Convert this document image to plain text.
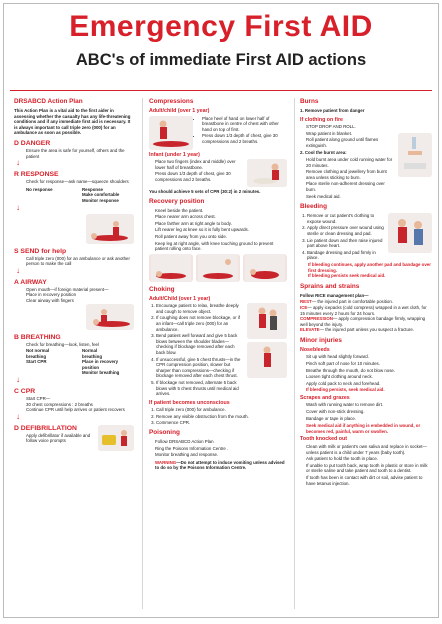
Emergency First AID
ABC's of immediate First AID actions
DRSABCD Action Plan
This Action Plan is a vital aid to the first aider in assessing whether the casualty has any life-threatening conditions and if any immediate first aid is necessary. It is always important to call triple zero (000) for an ambulance as soon as possible.
D DANGER
Ensure the area is safe for yourself, others and the patient
↓
R RESPONSE
Check for response—ask name—squeeze shoulders
No response	Response
Make comfortable
Monitor response
↓
S SEND for help
Call triple zero (000) for an ambulance or ask another person to make the call
↓
A AIRWAY
Open mouth—if foreign material present—
Place in recovery position
Clear airway with fingers
B BREATHING
Check for breathing—look, listen, feel
Not normal
breathing
Start CPR
Normal
breathing
Place in recovery position
Monitor breathing
↓
C CPR
Start CPR—
30 chest compressions : 2 breaths
Continue CPR until help arrives or patient recovers
↓
D DEFIBRILLATION
Apply defibrillator if available and follow voice prompts
Compressions
Adult/child (over 1 year)
• Place heel of hand on lower half of breastbone in centre of chest with other hand on top of first.
• Press down 1/3 depth of chest, give 30 compressions and 2 breaths.
Infant (under 1 year)
• Place two fingers (index and middle) over lower half of breastbone.
• Press down 1/3 depth of chest, give 30 compressions and 2 breaths.
You should achieve 5 sets of CPR (30:2) in 2 minutes.
Recovery position
• Kneel beside the patient.
• Place nearer arm across chest.
• Place farther arm at right angle to body.
• Lift nearer leg at knee so it is fully bent upwards.
• Roll patient away from you onto side.
• Keep leg at right angle, with knee touching ground to prevent patient rolling onto face.
Choking
Adult/Child (over 1 year)
1. Encourage patient to relax, breathe deeply and cough to remove object.
2. If coughing does not remove blockage, or if an infant—call triple zero (000) for an ambulance.
3. Bend patient well forward and give 5 back blows between the shoulder blades—checking if blockage removed after each back blow.
4. If unsuccessful, give 5 chest thrusts—in the CPR compression position, slower but sharper than compressions—checking if blockage removed after each chest thrust.
5. If blockage not removed, alternate 5 back blows with 5 chest thrusts until medical aid arrives.
If patient becomes unconscious
1. Call triple zero (000) for ambulance.
2. Remove any visible obstruction from the mouth.
3. Commence CPR.
Poisoning
• Follow DRSABCD Action Plan
• Ring the Poisons Information Centre .
• Monitor breathing and response.
WARNING—Do not attempt to induce vomiting unless advised to do so by the Poisons Information Centre.
Burns
1. Remove patient from danger
If clothing on fire
• STOP DROP AND ROLL.
• Wrap patient in blanket.
• Roll patient along ground until flames extinguish.
2. Cool the burnt area:
• Hold burnt area under cold running water for 20 minutes.
• Remove clothing and jewellery from burnt area unless sticking to burn.
• Place sterile non-adherent dressing over burn.
• Seek medical aid.
Bleeding
1. Remove or cut patient's clothing to expose wound.
2. Apply direct pressure over wound using sterile or clean dressing and pad.
3. Lie patient down and then raise injured part above heart.
4. Bandage dressing and pad firmly in place.
If bleeding continues, apply another pad and bandage over first dressing.
If bleeding persists seek medical aid.
Sprains and strains
Follow RICE management plan—
REST— the injured part in comfortable position.
ICE— apply icepacks (cold compress) wrapped in a wet cloth, for 15 minutes every 2 hours for 24 hours.
COMPRESSION— apply compression bandage firmly, wrapping well beyond the injury.
ELEVATE— the injured part unless you suspect a fracture.
Minor injuries
Nosebleeds
• Sit up with head slightly forward.
• Pinch soft part of nose for 10 minutes.
• Breathe through the mouth, do not blow nose.
• Loosen tight clothing around neck.
• Apply cold pack to neck and forehead.
• If bleeding persists, seek medical aid.
Scrapes and grazes
• Wash with running water to remove dirt.
• Cover with non-stick dressing.
• Bandage or tape in place.
Seek medical aid if anything is embedded in wound, or becomes red, painful, warm or swollen.
Tooth knocked out
• Clean with milk or patient's own saliva and replace in socket—unless patient is a child under 7 years (baby tooth).
• Ask patient to hold the tooth in place.
• If unable to put tooth back, wrap tooth in plastic or store in milk or sterile saline and take patient and tooth to a dentist.
• If tooth has been in contact with dirt or soil, advise patient to have tetanus injection.
